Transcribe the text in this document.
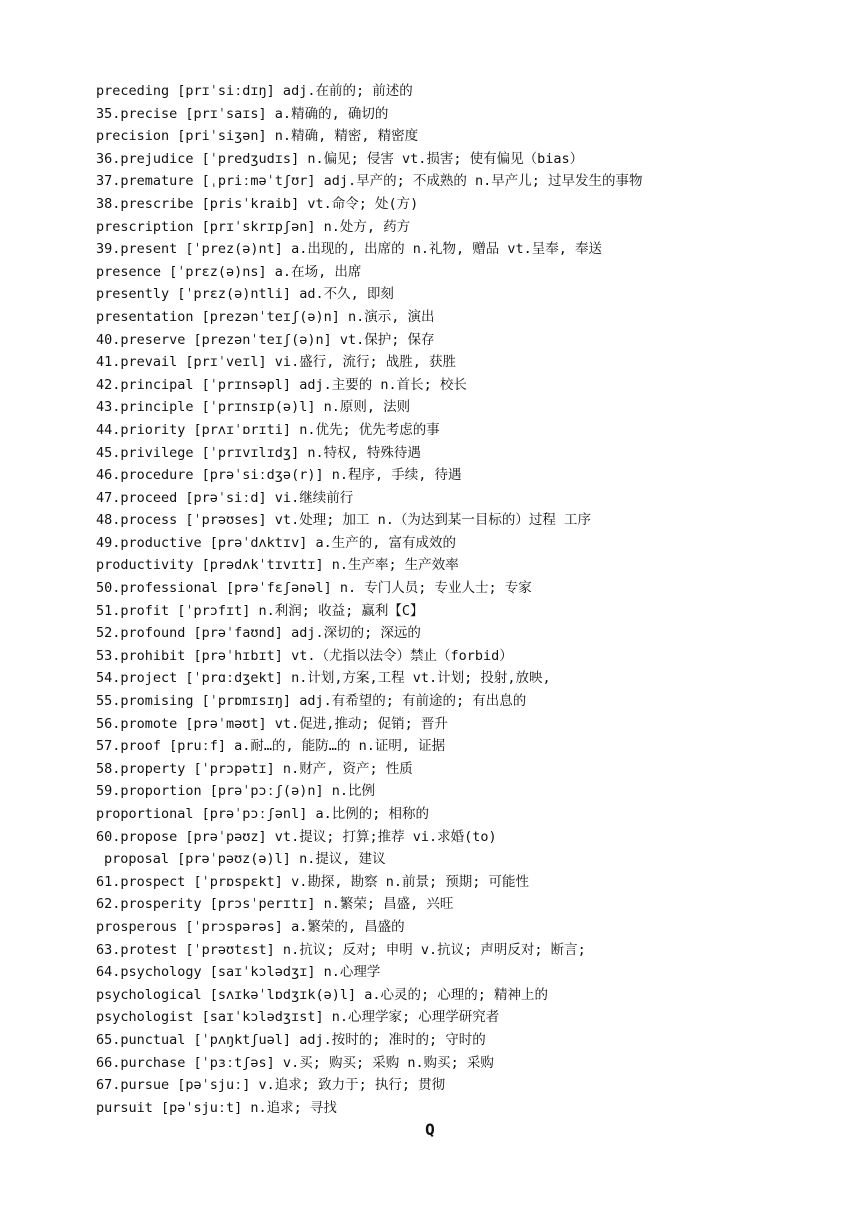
preceding [prɪˈsiːdɪŋ] adj.在前的; 前述的
35.precise [prɪˈsaɪs] a.精确的, 确切的
precision [priˈsiʒən] n.精确, 精密, 精密度
36.prejudice [ˈpredʒudɪs] n.偏见; 侵害 vt.损害; 使有偏见（bias）
37.premature [ˌpriːməˈtʃʊr] adj.早产的; 不成熟的 n.早产儿; 过早发生的事物
38.prescribe [prisˈkraib] vt.命令; 处(方)
prescription [prɪˈskrɪpʃən] n.处方, 药方
39.present [ˈprez(ə)nt] a.出现的, 出席的 n.礼物, 赠品 vt.呈奉, 奉送
presence [ˈprɛz(ə)ns] a.在场, 出席
presently [ˈprɛz(ə)ntli] ad.不久, 即刻
presentation [prezənˈteɪʃ(ə)n] n.演示, 演出
40.preserve [prezənˈteɪʃ(ə)n] vt.保护; 保存
41.prevail [prɪˈveɪl] vi.盛行, 流行; 战胜, 获胜
42.principal [ˈprɪnsəpl] adj.主要的 n.首长; 校长
43.principle [ˈprɪnsɪp(ə)l] n.原则, 法则
44.priority [prʌɪˈɒrɪti] n.优先; 优先考虑的事
45.privilege [ˈprɪvɪlɪdʒ] n.特权, 特殊待遇
46.procedure [prəˈsiːdʒə(r)] n.程序, 手续, 待遇
47.proceed [prəˈsiːd] vi.继续前行
48.process [ˈprəʊses] vt.处理; 加工 n.（为达到某一目标的）过程 工序
49.productive [prəˈdʌktɪv] a.生产的, 富有成效的
productivity [prədʌkˈtɪvɪtɪ] n.生产率; 生产效率
50.professional [prəˈfɛʃənəl] n. 专门人员; 专业人士; 专家
51.profit [ˈprɔfɪt] n.利润; 收益; 赢利【C】
52.profound [prəˈfaʊnd] adj.深切的; 深远的
53.prohibit [prəˈhɪbɪt] vt.（尤指以法令）禁止（forbid）
54.project [ˈprɑːdʒekt] n.计划,方案,工程 vt.计划; 投射,放映,
55.promising [ˈprɒmɪsɪŋ] adj.有希望的; 有前途的; 有出息的
56.promote [prəˈməʊt] vt.促进,推动; 促销; 晋升
57.proof [pruːf] a.耐…的, 能防…的 n.证明, 证据
58.property [ˈprɔpətɪ] n.财产, 资产; 性质
59.proportion [prəˈpɔːʃ(ə)n] n.比例
proportional [prəˈpɔːʃənl] a.比例的; 相称的
60.propose [prəˈpəʊz] vt.提议; 打算;推荐 vi.求婚(to)
proposal [prəˈpəʊz(ə)l] n.提议, 建议
61.prospect [ˈprɒspɛkt] v.勘探, 勘察 n.前景; 预期; 可能性
62.prosperity [prɔsˈperɪtɪ] n.繁荣; 昌盛, 兴旺
prosperous [ˈprɔspərəs] a.繁荣的, 昌盛的
63.protest [ˈprəʊtɛst] n.抗议; 反对; 申明 v.抗议; 声明反对; 断言;
64.psychology [saɪˈkɔlədʒɪ] n.心理学
psychological [sʌɪkəˈlɒdʒɪk(ə)l] a.心灵的; 心理的; 精神上的
psychologist [saɪˈkɔlədʒɪst] n.心理学家; 心理学研究者
65.punctual [ˈpʌŋktʃuəl] adj.按时的; 准时的; 守时的
66.purchase [ˈpɜːtʃəs] v.买; 购买; 采购 n.购买; 采购
67.pursue [pəˈsjuː] v.追求; 致力于; 执行; 贯彻
pursuit [pəˈsjuːt] n.追求; 寻找
Q
